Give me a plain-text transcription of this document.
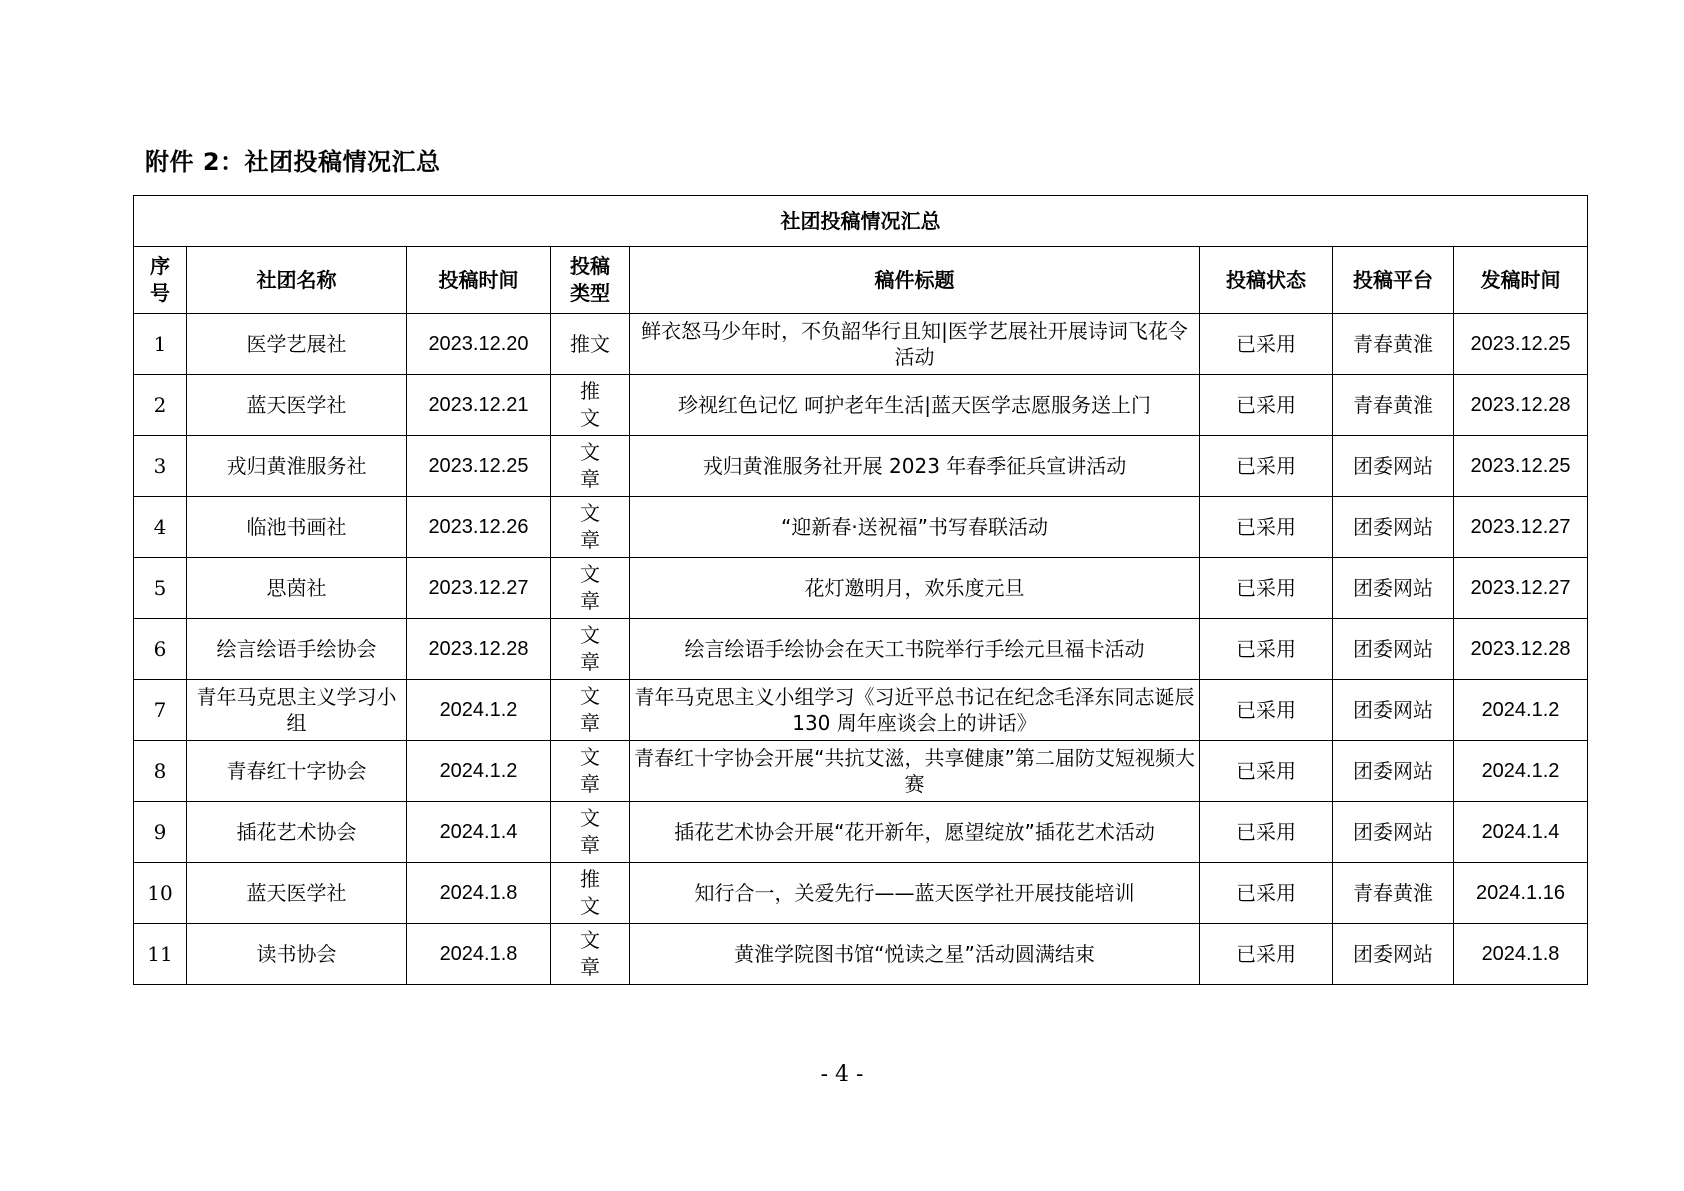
附件 2：社团投稿情况汇总
社团投稿情况汇总							
序号	社团名称	投稿时间	投稿类型	稿件标题	投稿状态	投稿平台	发稿时间
1	医学艺展社	2023.12.20	推文	鲜衣怒马少年时，不负韶华行且知|医学艺展社开展诗词飞花令活动	已采用	青春黄淮	2023.12.25
2	蓝天医学社	2023.12.21	推文	珍视红色记忆 呵护老年生活|蓝天医学志愿服务送上门	已采用	青春黄淮	2023.12.28
3	戎归黄淮服务社	2023.12.25	文章	戎归黄淮服务社开展 2023 年春季征兵宣讲活动	已采用	团委网站	2023.12.25
4	临池书画社	2023.12.26	文章	“迎新春·送祝福”书写春联活动	已采用	团委网站	2023.12.27
5	思茵社	2023.12.27	文章	花灯邀明月，欢乐度元旦	已采用	团委网站	2023.12.27
6	绘言绘语手绘协会	2023.12.28	文章	绘言绘语手绘协会在天工书院举行手绘元旦福卡活动	已采用	团委网站	2023.12.28
7	青年马克思主义学习小组	2024.1.2	文章	青年马克思主义小组学习《习近平总书记在纪念毛泽东同志诞辰 130 周年座谈会上的讲话》	已采用	团委网站	2024.1.2
8	青春红十字协会	2024.1.2	文章	青春红十字协会开展“共抗艾滋，共享健康”第二届防艾短视频大赛	已采用	团委网站	2024.1.2
9	插花艺术协会	2024.1.4	文章	插花艺术协会开展“花开新年，愿望绽放”插花艺术活动	已采用	团委网站	2024.1.4
10	蓝天医学社	2024.1.8	推文	知行合一，关爱先行——蓝天医学社开展技能培训	已采用	青春黄淮	2024.1.16
11	读书协会	2024.1.8	文章	黄淮学院图书馆“悦读之星”活动圆满结束	已采用	团委网站	2024.1.8
- 4 -
